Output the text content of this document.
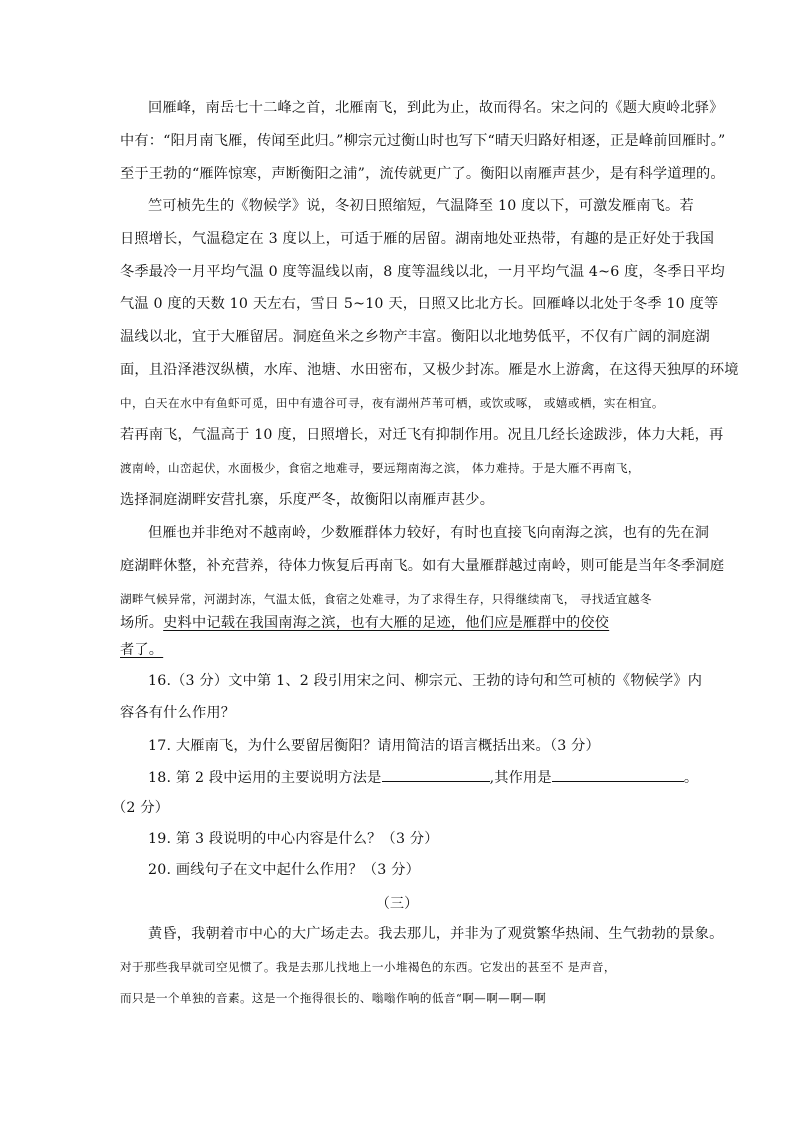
回雁峰，南岳七十二峰之首，北雁南飞，到此为止，故而得名。宋之问的《题大庾岭北驿》
中有：“阳月南飞雁，传闻至此归。”柳宗元过衡山时也写下“晴天归路好相逐，正是峰前回雁时。”
至于王勃的“雁阵惊寒，声断衡阳之浦”，流传就更广了。衡阳以南雁声甚少，是有科学道理的。
竺可桢先生的《物候学》说，冬初日照缩短，气温降至 10 度以下，可激发雁南飞。若
日照增长，气温稳定在 3 度以上，可适于雁的居留。湖南地处亚热带，有趣的是正好处于我国
冬季最冷一月平均气温 0 度等温线以南，8 度等温线以北，一月平均气温 4~6 度，冬季日平均
气温 0 度的天数 10 天左右，雪日 5~10 天，日照又比北方长。回雁峰以北处于冬季 10 度等
温线以北，宜于大雁留居。洞庭鱼米之乡物产丰富。衡阳以北地势低平，不仅有广阔的洞庭湖
面，且沿泽港汊纵横，水库、池塘、水田密布，又极少封冻。雁是水上游禽，在这得天独厚的环境
中，白天在水中有鱼虾可觅，田中有遗谷可寻，夜有湖州芦苇可栖，或饮或啄， 或嬉或栖，实在相宜。
若再南飞，气温高于 10 度，日照增长，对迁飞有抑制作用。况且几经长途跋涉，体力大耗，再
渡南岭，山峦起伏，水面极少，食宿之地难寻，要远翔南海之滨， 体力难持。于是大雁不再南飞，
选择洞庭湖畔安营扎寨，乐度严冬，故衡阳以南雁声甚少。
但雁也并非绝对不越南岭，少数雁群体力较好，有时也直接飞向南海之滨，也有的先在洞
庭湖畔休整，补充营养，待体力恢复后再南飞。如有大量雁群越过南岭，则可能是当年冬季洞庭
湖畔气候异常，河湖封冻，气温太低，食宿之处难寻，为了求得生存，只得继续南飞， 寻找适宜越冬
场所。史料中记载在我国南海之滨，也有大雁的足迹，他们应是雁群中的佼佼
者了。
16.（3 分）文中第 1、2 段引用宋之问、柳宗元、王勃的诗句和竺可桢的《物候学》内
容各有什么作用？
17. 大雁南飞，为什么要留居衡阳？请用简洁的语言概括出来。（3 分）
18. 第 2 段中运用的主要说明方法是	,其作用是	。
（2 分）
19. 第 3 段说明的中心内容是什么？（3 分）
20. 画线句子在文中起什么作用？（3 分）
（三）
黄昏，我朝着市中心的大广场走去。我去那儿，并非为了观赏繁华热闹、生气勃勃的景象。
对于那些我早就司空见惯了。我是去那儿找地上一小堆褐色的东西。它发出的甚至不 是声音，
而只是一个单独的音素。这是一个拖得很长的、嗡嗡作响的低音“啊—啊—啊—啊
